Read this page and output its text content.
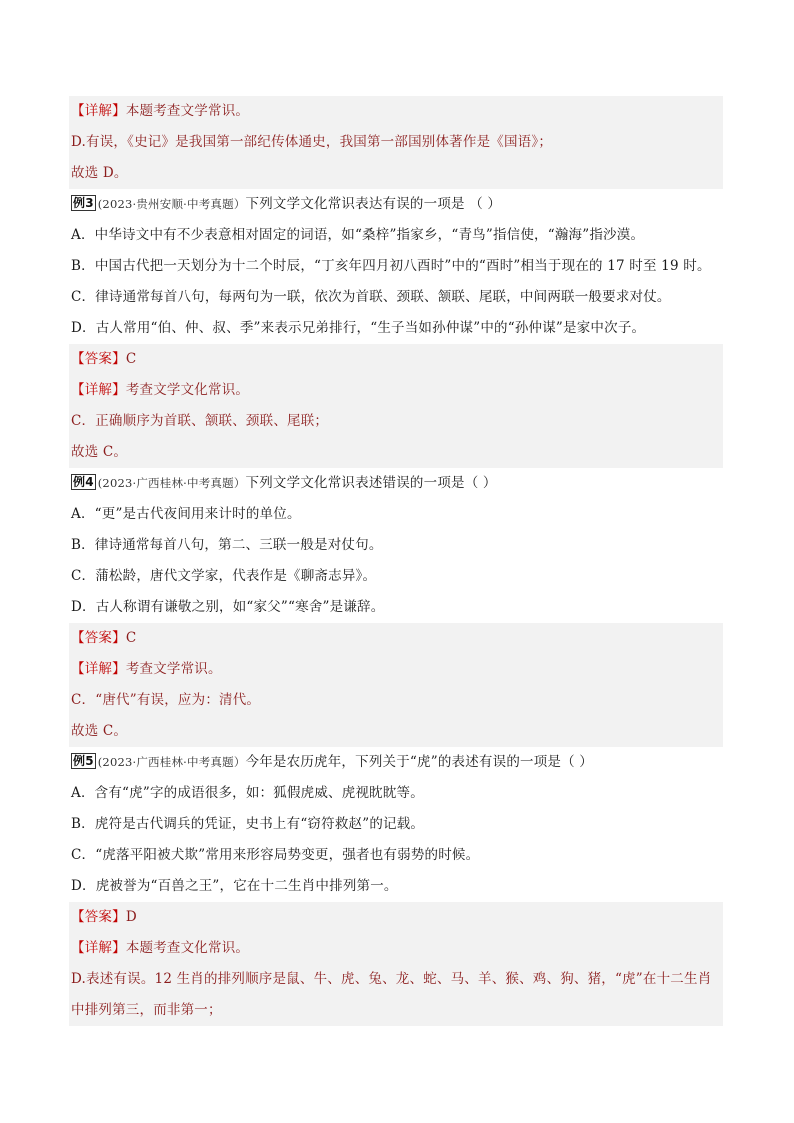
【详解】本题考查文学常识。
D.有误，《史记》是我国第一部纪传体通史，我国第一部国别体著作是《国语》；
故选 D。
例3 (2023·贵州安顺·中考真题）下列文学文化常识表达有误的一项是 （ ）
A．中华诗文中有不少表意相对固定的词语，如“桑梓”指家乡，“青鸟”指信使，“瀚海”指沙漠。
B．中国古代把一天划分为十二个时辰，“丁亥年四月初八酉时”中的“酉时”相当于现在的 17 时至 19 时。
C．律诗通常每首八句，每两句为一联，依次为首联、颈联、颔联、尾联，中间两联一般要求对仗。
D．古人常用“伯、仲、叔、季”来表示兄弟排行，“生子当如孙仲谋”中的“孙仲谋”是家中次子。
【答案】C
【详解】考查文学文化常识。
C．正确顺序为首联、颔联、颈联、尾联；
故选 C。
例4 (2023·广西桂林·中考真题）下列文学文化常识表述错误的一项是（ ）
A．“更”是古代夜间用来计时的单位。
B．律诗通常每首八句，第二、三联一般是对仗句。
C．蒲松龄，唐代文学家，代表作是《聊斋志异》。
D．古人称谓有谦敬之别，如“家父”“寒舍”是谦辞。
【答案】C
【详解】考查文学常识。
C．“唐代”有误，应为：清代。
故选 C。
例5 (2023·广西桂林·中考真题）今年是农历虎年，下列关于“虎”的表述有误的一项是（ ）
A．含有“虎”字的成语很多，如：狐假虎威、虎视眈眈等。
B．虎符是古代调兵的凭证，史书上有“窃符救赵”的记载。
C．“虎落平阳被犬欺”常用来形容局势变更，强者也有弱势的时候。
D．虎被誉为“百兽之王”，它在十二生肖中排列第一。
【答案】D
【详解】本题考查文化常识。
D.表述有误。12 生肖的排列顺序是鼠、牛、虎、兔、龙、蛇、马、羊、猴、鸡、狗、猪，“虎”在十二生肖
中排列第三，而非第一；
